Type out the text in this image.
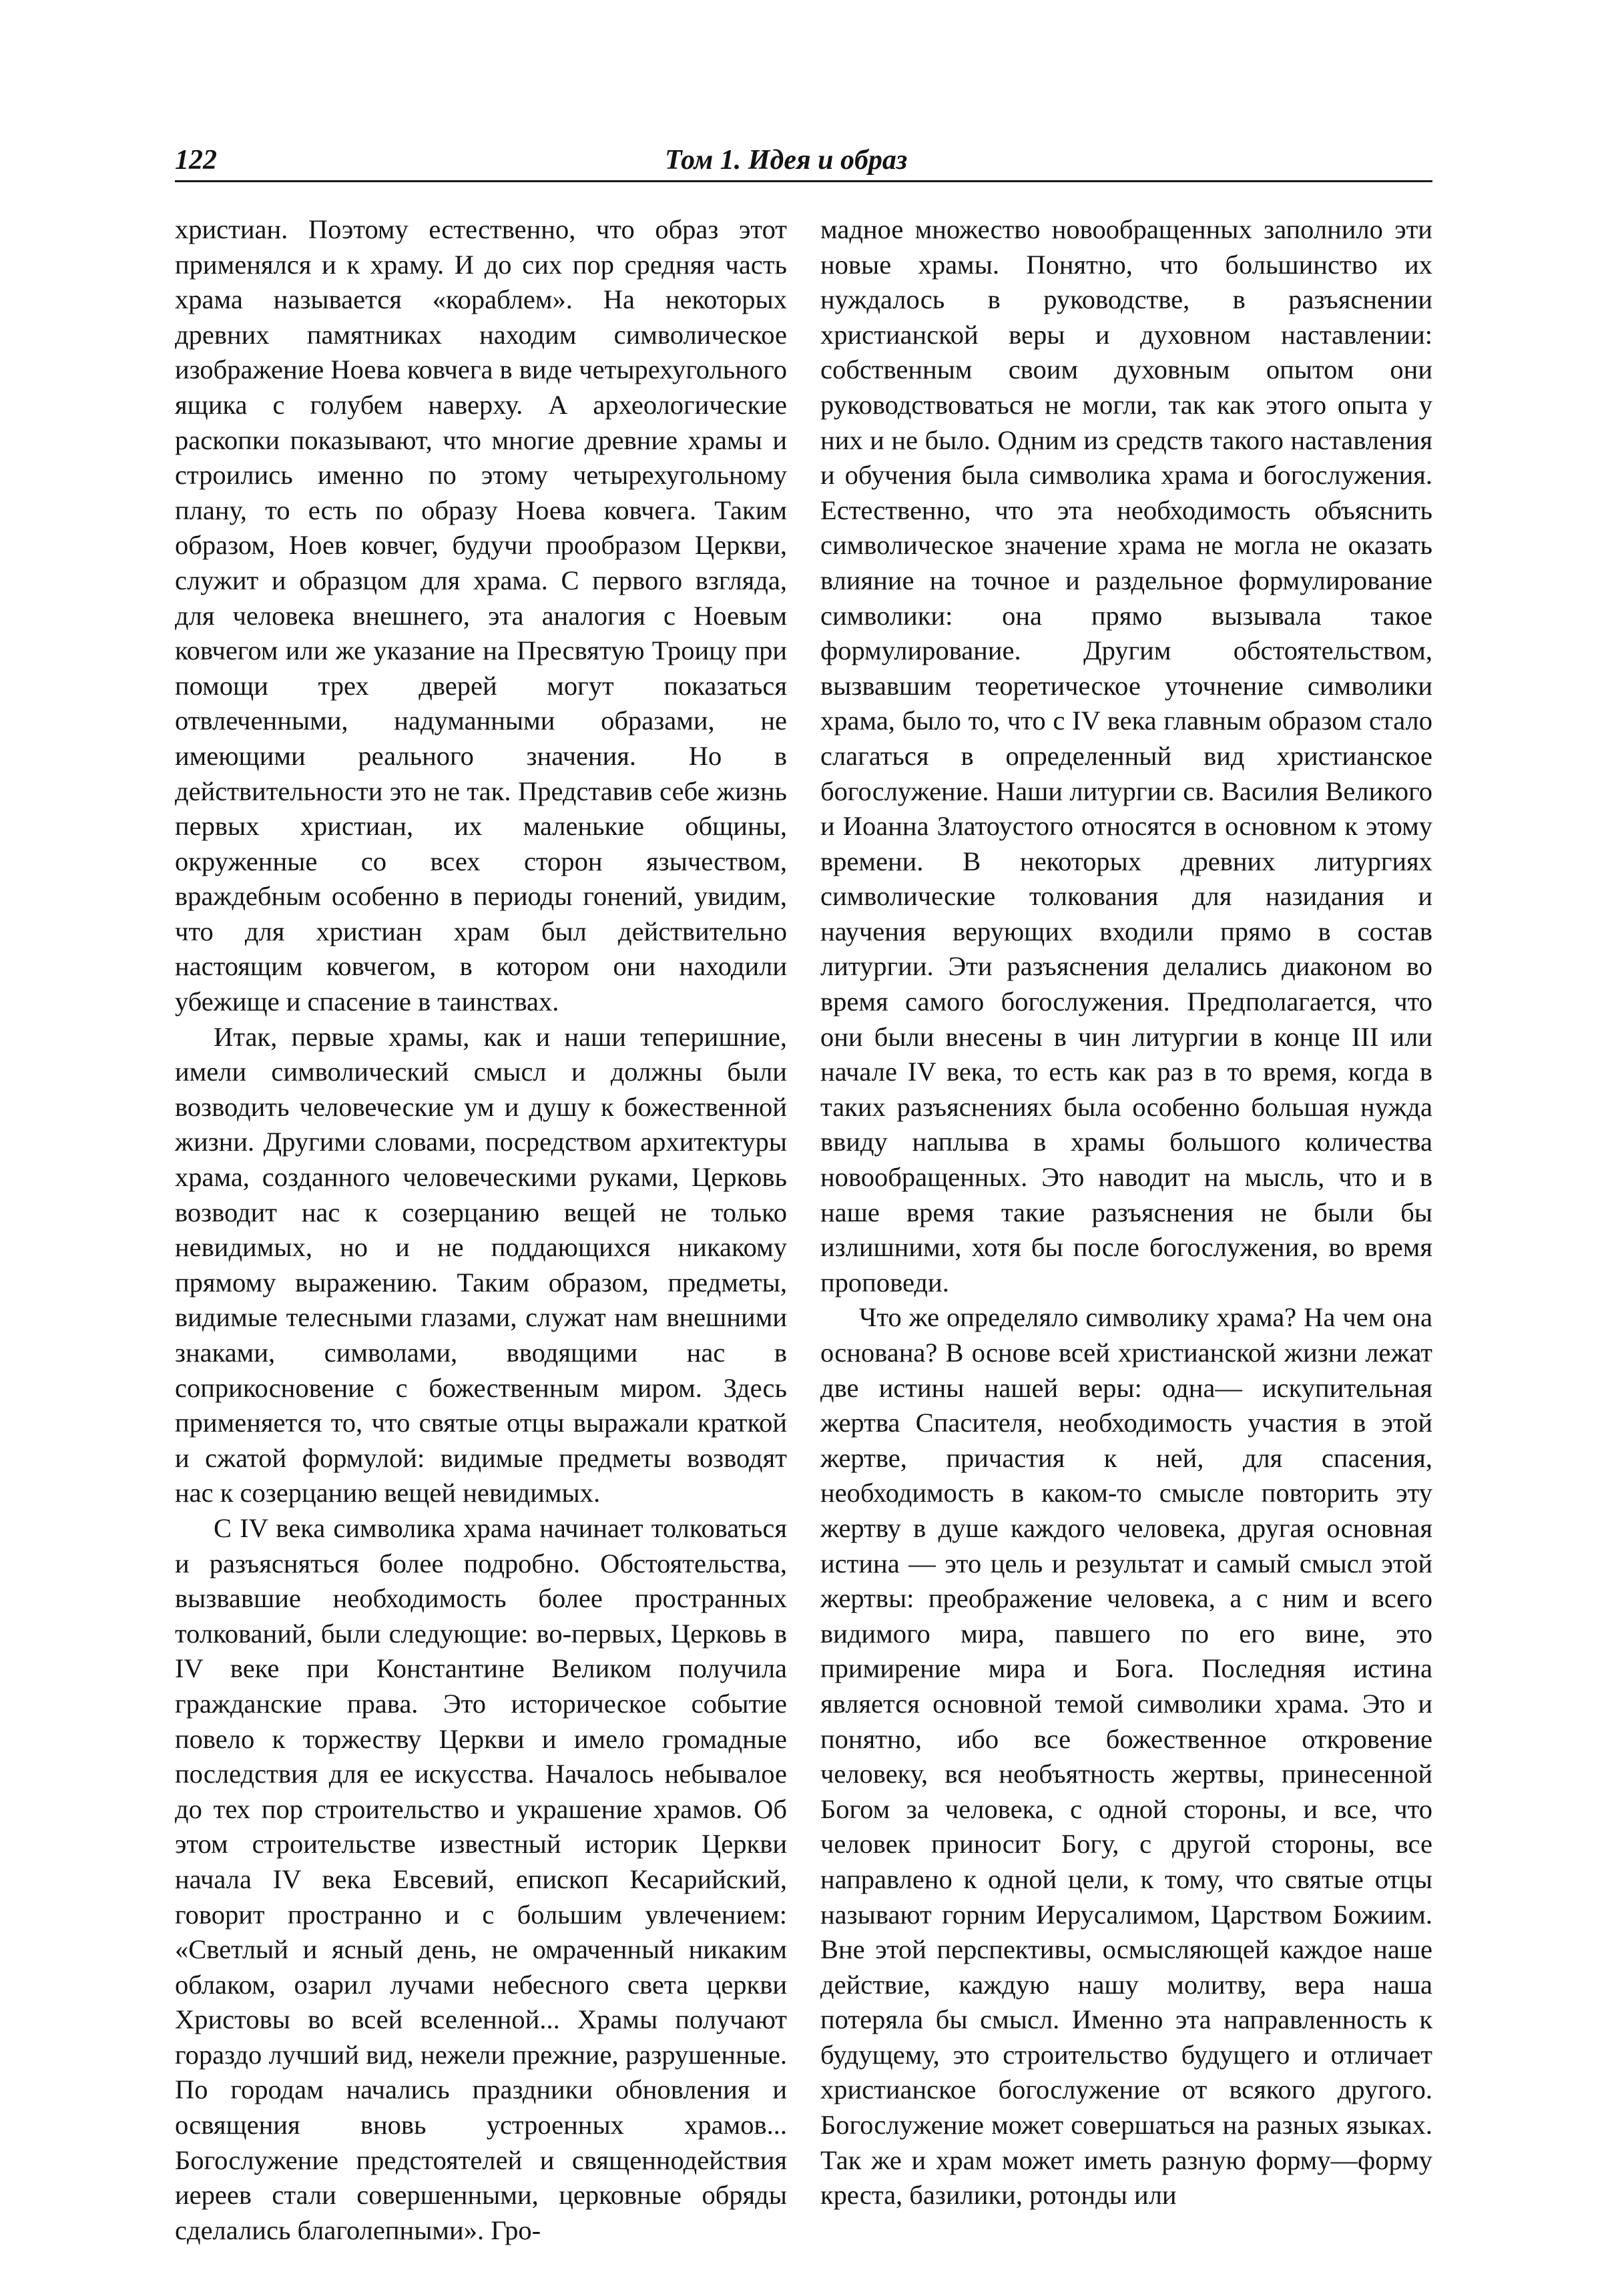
122	Том 1. Идея и образ

христиан. Поэтому естественно, что образ этот применялся и к храму. И до сих пор средняя часть храма называется «кораблем». На некоторых древних памятниках находим символическое изображение Ноева ковчега в виде четырехугольного ящика с голубем наверху. А археологические раскопки показывают, что многие древние храмы и строились именно по этому четырехугольному плану, то есть по образу Ноева ковчега. Таким образом, Ноев ковчег, будучи прообразом Церкви, служит и образцом для храма. С первого взгляда, для человека внешнего, эта аналогия с Ноевым ковчегом или же указание на Пресвятую Троицу при помощи трех дверей могут показаться отвлеченными, надуманными образами, не имеющими реального значения. Но в действительности это не так. Представив себе жизнь первых христиан, их маленькие общины, окруженные со всех сторон язычеством, враждебным особенно в периоды гонений, увидим, что для христиан храм был действительно настоящим ковчегом, в котором они находили убежище и спасение в таинствах.

Итак, первые храмы, как и наши теперишние, имели символический смысл и должны были возводить человеческие ум и душу к божественной жизни. Другими словами, посредством архитектуры храма, созданного человеческими руками, Церковь возводит нас к созерцанию вещей не только невидимых, но и не поддающихся никакому прямому выражению. Таким образом, предметы, видимые телесными глазами, служат нам внешними знаками, символами, вводящими нас в соприкосновение с божественным миром. Здесь применяется то, что святые отцы выражали краткой и сжатой формулой: видимые предметы возводят нас к созерцанию вещей невидимых.

С IV века символика храма начинает толковаться и разъясняться более подробно. Обстоятельства, вызвавшие необходимость более пространных толкований, были следующие: во-первых, Церковь в IV веке при Константине Великом получила гражданские права. Это историческое событие повело к торжеству Церкви и имело громадные последствия для ее искусства. Началось небывалое до тех пор строительство и украшение храмов. Об этом строительстве известный историк Церкви начала IV века Евсевий, епископ Кесарийский, говорит пространно и с большим увлечением: «Светлый и ясный день, не омраченный никаким облаком, озарил лучами небесного света церкви Христовы во всей вселенной... Храмы получают гораздо лучший вид, нежели прежние, разрушенные. По городам начались праздники обновления и освящения вновь устроенных храмов... Богослужение предстоятелей и священнодействия иереев стали совершенными, церковные обряды сделались благолепными». Гро-

мадное множество новообращенных заполнило эти новые храмы. Понятно, что большинство их нуждалось в руководстве, в разъяснении христианской веры и духовном наставлении: собственным своим духовным опытом они руководствоваться не могли, так как этого опыта у них и не было. Одним из средств такого наставления и обучения была символика храма и богослужения. Естественно, что эта необходимость объяснить символическое значение храма не могла не оказать влияние на точное и раздельное формулирование символики: она прямо вызывала такое формулирование. Другим обстоятельством, вызвавшим теоретическое уточнение символики храма, было то, что с IV века главным образом стало слагаться в определенный вид христианское богослужение. Наши литургии св. Василия Великого и Иоанна Златоустого относятся в основном к этому времени. В некоторых древних литургиях символические толкования для назидания и научения верующих входили прямо в состав литургии. Эти разъяснения делались диаконом во время самого богослужения. Предполагается, что они были внесены в чин литургии в конце III или начале IV века, то есть как раз в то время, когда в таких разъяснениях была особенно большая нужда ввиду наплыва в храмы большого количества новообращенных. Это наводит на мысль, что и в наше время такие разъяснения не были бы излишними, хотя бы после богослужения, во время проповеди.

Что же определяло символику храма? На чем она основана? В основе всей христианской жизни лежат две истины нашей веры: одна— искупительная жертва Спасителя, необходимость участия в этой жертве, причастия к ней, для спасения, необходимость в каком-то смысле повторить эту жертву в душе каждого человека, другая основная истина — это цель и результат и самый смысл этой жертвы: преображение человека, а с ним и всего видимого мира, павшего по его вине, это примирение мира и Бога. Последняя истина является основной темой символики храма. Это и понятно, ибо все божественное откровение человеку, вся необъятность жертвы, принесенной Богом за человека, с одной стороны, и все, что человек приносит Богу, с другой стороны, все направлено к одной цели, к тому, что святые отцы называют горним Иерусалимом, Царством Божиим. Вне этой перспективы, осмысляющей каждое наше действие, каждую нашу молитву, вера наша потеряла бы смысл. Именно эта направленность к будущему, это строительство будущего и отличает христианское богослужение от всякого другого. Богослужение может совершаться на разных языках. Так же и храм может иметь разную форму—форму креста, базилики, ротонды или
